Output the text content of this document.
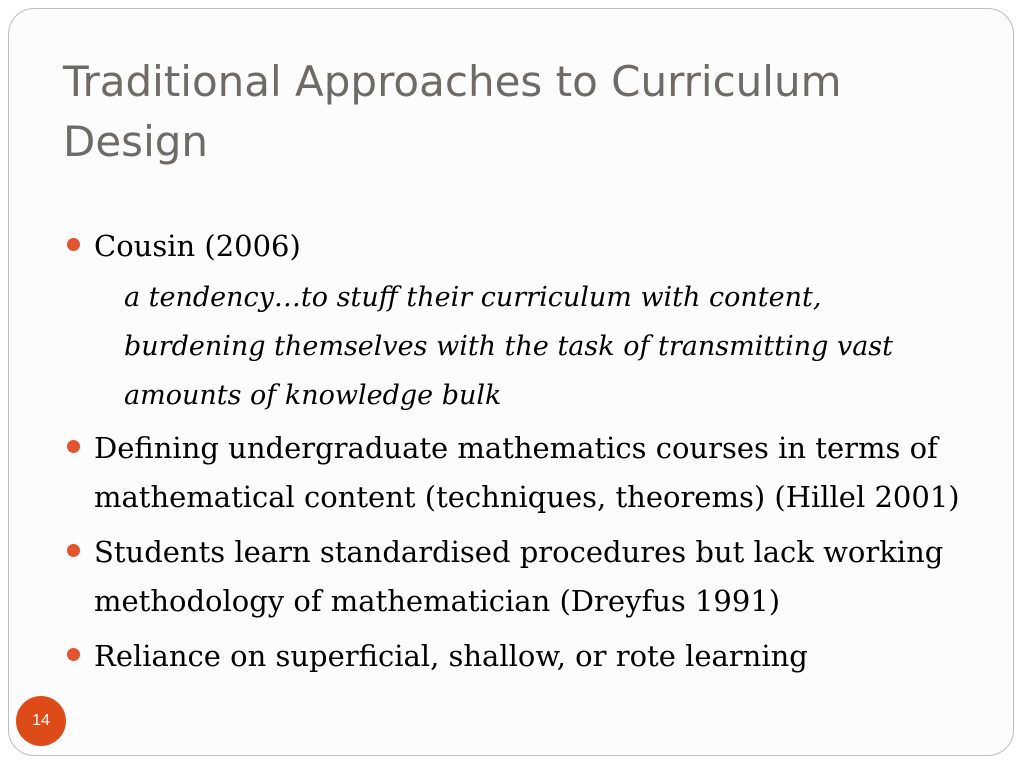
Traditional Approaches to Curriculum Design
Cousin (2006)
a tendency…to stuff their curriculum with content, burdening themselves with the task of transmitting vast amounts of knowledge bulk
Defining undergraduate mathematics courses in terms of mathematical content (techniques, theorems) (Hillel 2001)
Students learn standardised procedures but lack working methodology of mathematician (Dreyfus 1991)
Reliance on superficial, shallow, or rote learning
14
